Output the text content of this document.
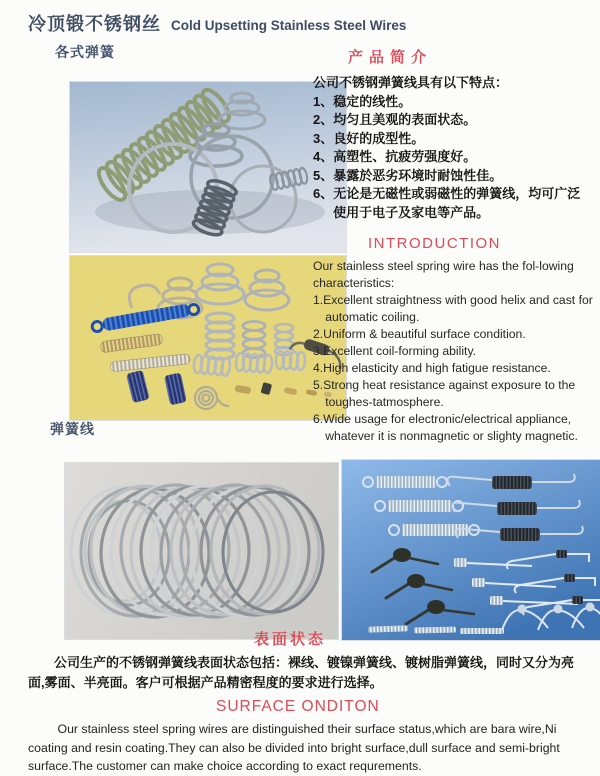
冷顶锻不锈钢丝 Cold Upsetting Stainless Steel Wires
各式弹簧
弹簧线
产品简介
公司不锈钢弹簧线具有以下特点：
1、稳定的线性。
2、均匀且美观的表面状态。
3、良好的成型性。
4、高塑性、抗疲劳强度好。
5、暴露於恶劣环境时耐蚀性佳。
6、无论是无磁性或弱磁性的弹簧线，均可广泛使用于电子及家电等产品。
INTRODUCTION
Our stainless steel spring wire has the fol-lowing characteristics:
1.Excellent straightness with good helix and cast for automatic coiling.
2.Uniform & beautiful surface condition.
3.Excellent coil-forming ability.
4.High elasticity and high fatigue resistance.
5.Strong heat resistance against exposure to the toughes-tatmosphere.
6.Wide usage for electronic/electrical appliance, whatever it is nonmagnetic or slighty magnetic.
表面状态

公司生产的不锈钢弹簧线表面状态包括：裸线、镀镍弹簧线、镀树脂弹簧线，同时又分为亮面,雾面、半亮面。客户可根据产品精密程度的要求进行选择。

SURFACE ONDITON

Our stainless steel spring wires are distinguished their surface status,which are bara wire,Ni coating and resin coating.They can also be divided into bright surface,dull surface and semi-bright surface.The customer can make choice according to exact requrements.
